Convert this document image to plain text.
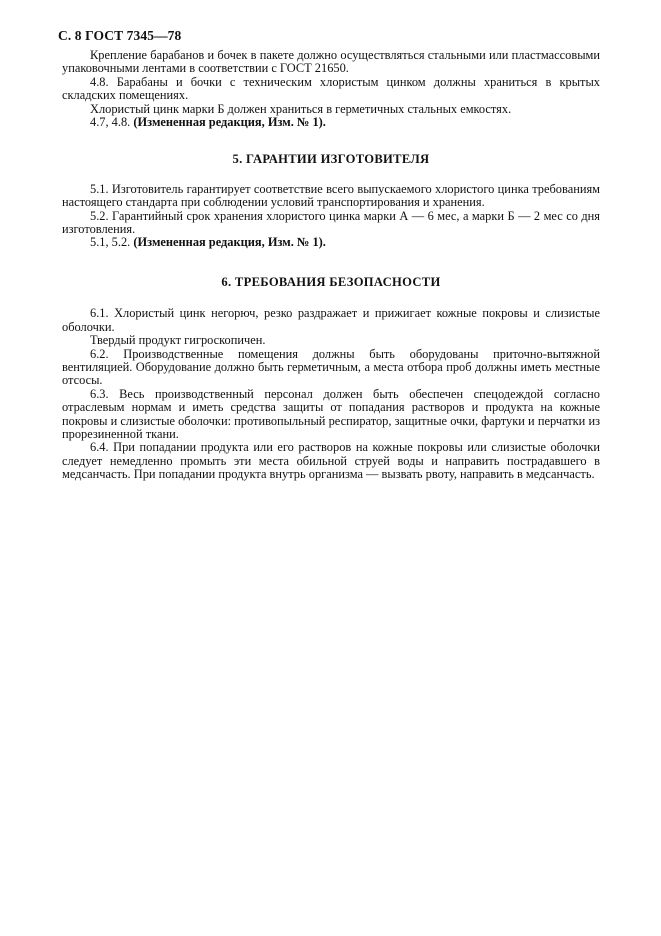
С. 8 ГОСТ 7345—78

Крепление барабанов и бочек в пакете должно осуществляться стальными или пластмассовыми упаковочными лентами в соответствии с ГОСТ 21650.

4.8. Барабаны и бочки с техническим хлористым цинком должны храниться в крытых складских помещениях.

Хлористый цинк марки Б должен храниться в герметичных стальных емкостях.

4.7, 4.8. (Измененная редакция, Изм. № 1).

5. ГАРАНТИИ ИЗГОТОВИТЕЛЯ

5.1. Изготовитель гарантирует соответствие всего выпускаемого хлористого цинка требованиям настоящего стандарта при соблюдении условий транспортирования и хранения.

5.2. Гарантийный срок хранения хлористого цинка марки А — 6 мес, а марки Б — 2 мес со дня изготовления.

5.1, 5.2. (Измененная редакция, Изм. № 1).

6. ТРЕБОВАНИЯ БЕЗОПАСНОСТИ

6.1. Хлористый цинк негорюч, резко раздражает и прижигает кожные покровы и слизистые оболочки.

Твердый продукт гигроскопичен.

6.2. Производственные помещения должны быть оборудованы приточно-вытяжной вентиляцией. Оборудование должно быть герметичным, а места отбора проб должны иметь местные отсосы.

6.3. Весь производственный персонал должен быть обеспечен спецодеждой согласно отраслевым нормам и иметь средства защиты от попадания растворов и продукта на кожные покровы и слизистые оболочки: противопыльный респиратор, защитные очки, фартуки и перчатки из прорезиненной ткани.

6.4. При попадании продукта или его растворов на кожные покровы или слизистые оболочки следует немедленно промыть эти места обильной струей воды и направить пострадавшего в медсанчасть. При попадании продукта внутрь организма — вызвать рвоту, направить в медсанчасть.
